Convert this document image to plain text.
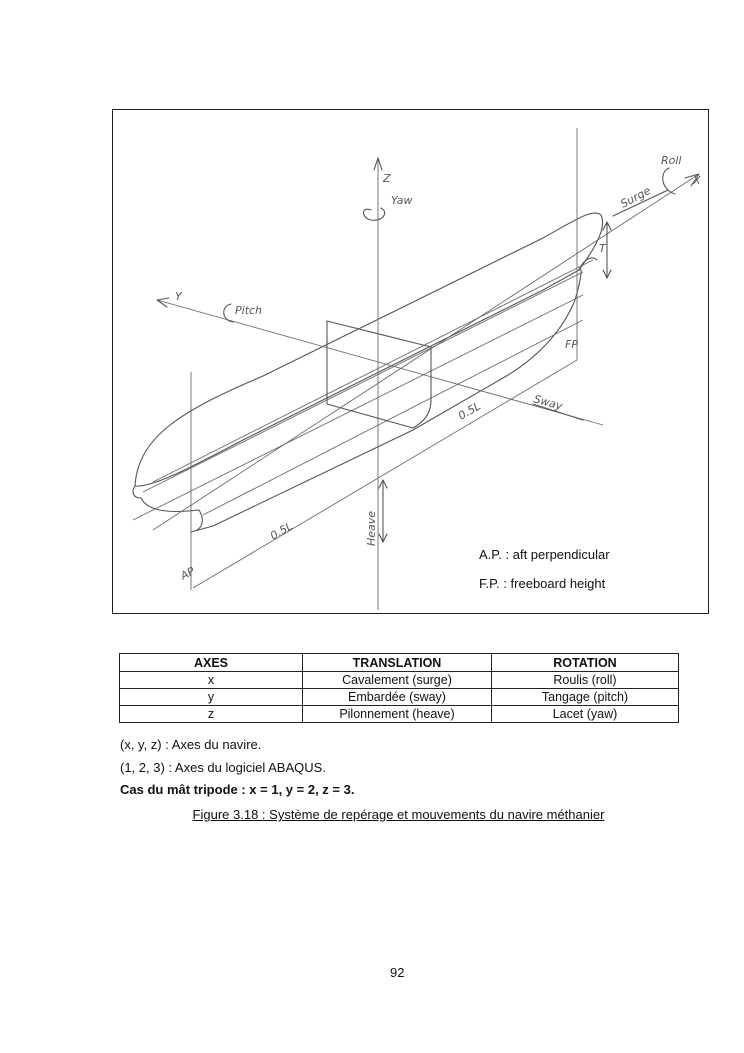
Z
Yaw
X
Roll
Surge
Y
Pitch
Sway
FP
T
AP
Heave
0.5L
0.5L
A.P. : aft perpendicular
F.P. : freeboard height
AXES	TRANSLATION	ROTATION
x	Cavalement (surge)	Roulis (roll)
y	Embardée (sway)	Tangage (pitch)
z	Pilonnement (heave)	Lacet (yaw)
(x, y, z) : Axes du navire.
(1, 2, 3) : Axes du logiciel ABAQUS.
Cas du mât tripode : x = 1, y = 2, z = 3.
Figure 3.18 : Système de repérage et mouvements du navire méthanier
92
